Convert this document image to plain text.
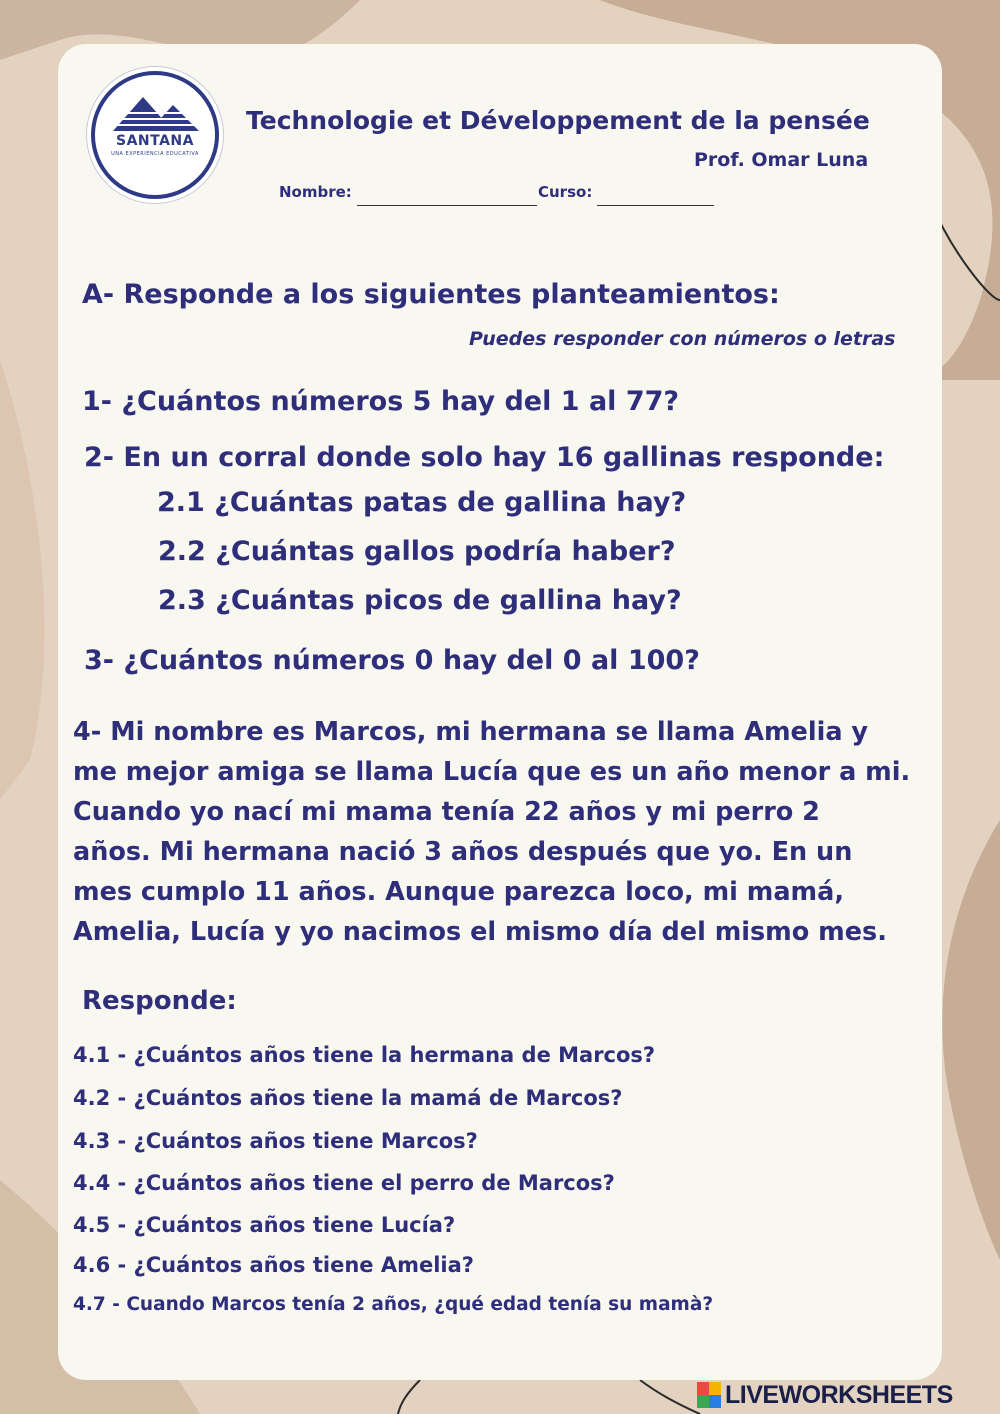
SANTANA
UNA EXPERIENCIA EDUCATIVA
Technologie et Développement de la pensée
Prof. Omar Luna
Nombre:	Curso:
A- Responde a los siguientes planteamientos:
Puedes responder con números o letras
1- ¿Cuántos números 5 hay del 1 al 77?
2- En un corral donde solo hay 16 gallinas responde:
2.1 ¿Cuántas patas de gallina hay?
2.2 ¿Cuántas gallos podría haber?
2.3 ¿Cuántas picos de gallina hay?
3- ¿Cuántos números 0 hay del 0 al 100?
4- Mi nombre es Marcos, mi hermana se llama Amelia y
me mejor amiga se llama Lucía que es un año menor a mi.
Cuando yo nací mi mama tenía 22 años y mi perro 2
años. Mi hermana nació 3 años después que yo. En un
mes cumplo 11 años. Aunque parezca loco, mi mamá,
Amelia, Lucía y yo nacimos el mismo día del mismo mes.
Responde:
4.1 - ¿Cuántos años tiene la hermana de Marcos?
4.2 - ¿Cuántos años tiene la mamá de Marcos?
4.3 - ¿Cuántos años tiene Marcos?
4.4 - ¿Cuántos años tiene el perro de Marcos?
4.5 - ¿Cuántos años tiene Lucía?
4.6 - ¿Cuántos años tiene Amelia?
4.7 - Cuando Marcos tenía 2 años, ¿qué edad tenía su mamà?
LIVEWORKSHEETS
